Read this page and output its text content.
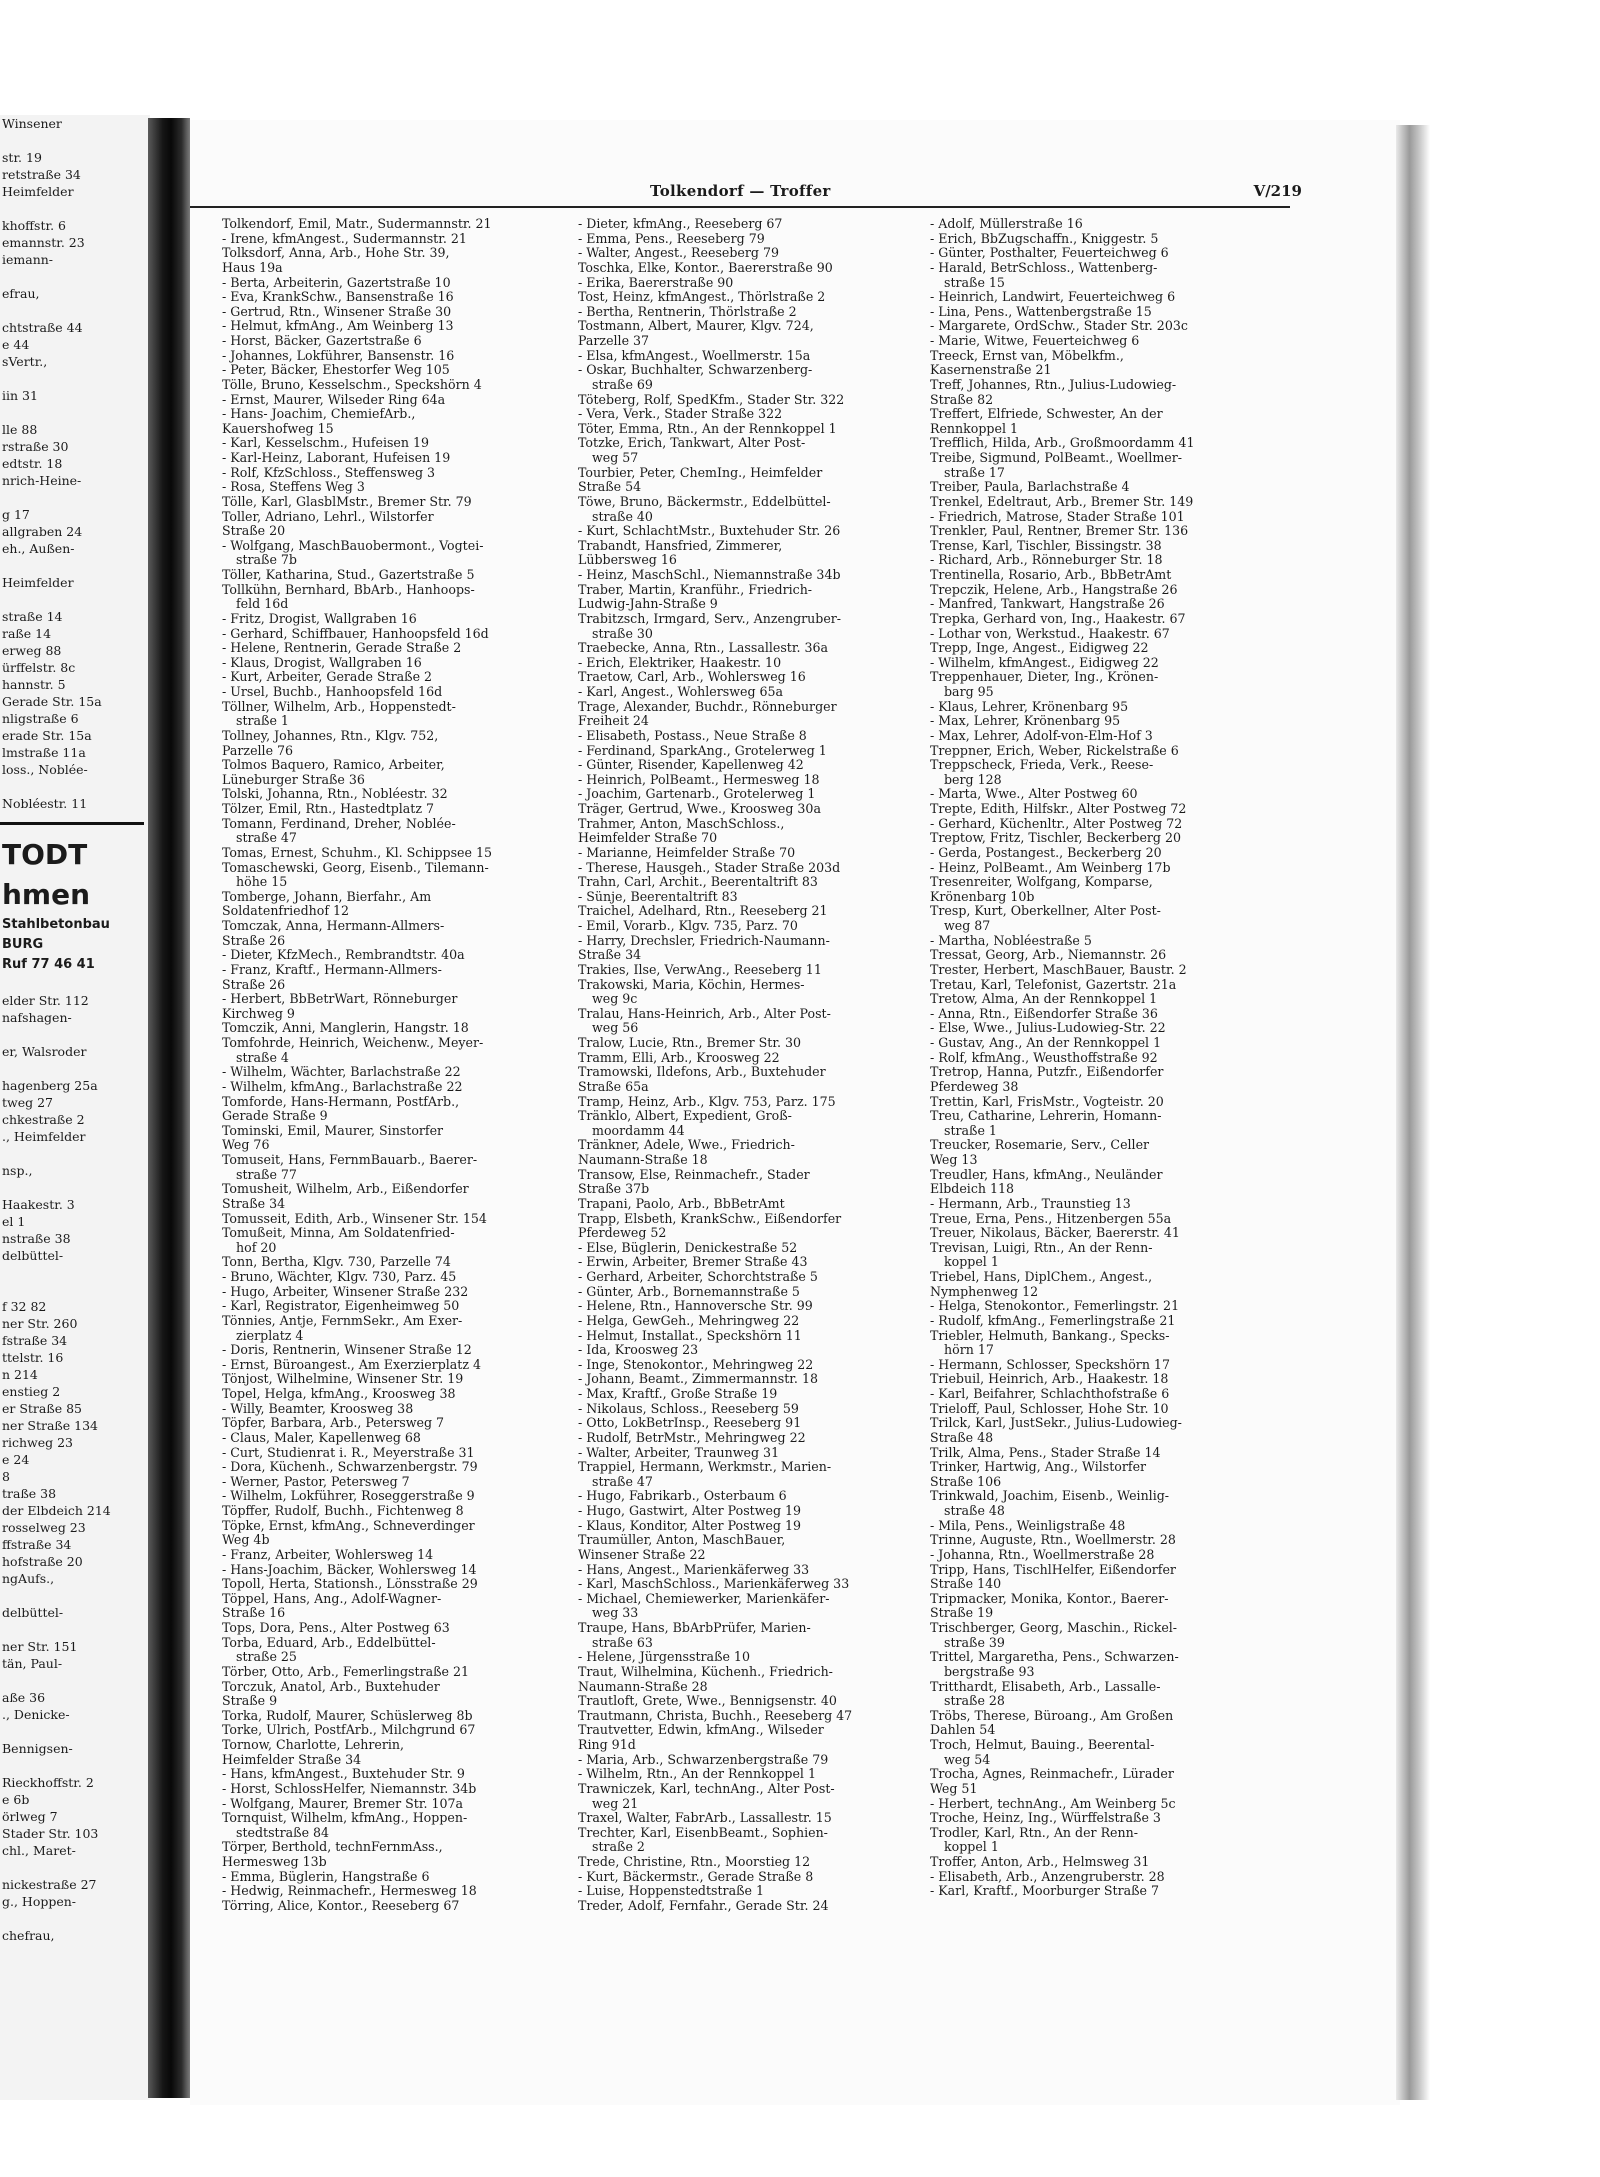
Winsener

str. 19
retstraße 34
Heimfelder

khoffstr. 6
emannstr. 23
iemann-

efrau,

chtstraße 44
e 44
sVertr.,

iin 31

lle 88
rstraße 30
edtstr. 18
nrich-Heine-

g 17
allgraben 24
eh., Außen-

Heimfelder

straße 14
raße 14
erweg 88
ürffelstr. 8c
hannstr. 5
Gerade Str. 15a
nligstraße 6
erade Str. 15a
lmstraße 11a
loss., Noblée-

Nobléestr. 11
TODT
hmen
Stahlbetonbau
BURG
Ruf 77 46 41

elder Str. 112
nafshagen-

er, Walsroder

hagenberg 25a
tweg 27
chkestraße 2
., Heimfelder

nsp.,

Haakestr. 3
el 1
nstraße 38
delbüttel-

f 32 82
ner Str. 260
fstraße 34
ttelstr. 16
n 214
enstieg 2
er Straße 85
ner Straße 134
richweg 23
e 24
8
traße 38
der Elbdeich 214
rosselweg 23
ffstraße 34
hofstraße 20
ngAufs.,

delbüttel-

ner Str. 151
tän, Paul-

aße 36
., Denicke-

Bennigsen-

Rieckhoffstr. 2
e 6b
örlweg 7
Stader Str. 103
chl., Maret-

nickestraße 27
g., Hoppen-

chefrau,
Tolkendorf — Troffer	V/219
Tolkendorf, Emil, Matr., Sudermannstr. 21
- Irene, kfmAngest., Sudermannstr. 21
Tolksdorf, Anna, Arb., Hohe Str. 39,
Haus 19a
- Berta, Arbeiterin, Gazertstraße 10
- Eva, KrankSchw., Bansenstraße 16
- Gertrud, Rtn., Winsener Straße 30
- Helmut, kfmAng., Am Weinberg 13
- Horst, Bäcker, Gazertstraße 6
- Johannes, Lokführer, Bansenstr. 16
- Peter, Bäcker, Ehestorfer Weg 105
Tölle, Bruno, Kesselschm., Speckshörn 4
- Ernst, Maurer, Wilseder Ring 64a
- Hans- Joachim, ChemiefArb.,
Kauershofweg 15
- Karl, Kesselschm., Hufeisen 19
- Karl-Heinz, Laborant, Hufeisen 19
- Rolf, KfzSchloss., Steffensweg 3
- Rosa, Steffens Weg 3
Tölle, Karl, GlasblMstr., Bremer Str. 79
Toller, Adriano, Lehrl., Wilstorfer
Straße 20
- Wolfgang, MaschBauobermont., Vogtei-
straße 7b
Töller, Katharina, Stud., Gazertstraße 5
Tollkühn, Bernhard, BbArb., Hanhoops-
feld 16d
- Fritz, Drogist, Wallgraben 16
- Gerhard, Schiffbauer, Hanhoopsfeld 16d
- Helene, Rentnerin, Gerade Straße 2
- Klaus, Drogist, Wallgraben 16
- Kurt, Arbeiter, Gerade Straße 2
- Ursel, Buchb., Hanhoopsfeld 16d
Töllner, Wilhelm, Arb., Hoppenstedt-
straße 1
Tollney, Johannes, Rtn., Klgv. 752,
Parzelle 76
Tolmos Baquero, Ramico, Arbeiter,
Lüneburger Straße 36
Tolski, Johanna, Rtn., Nobléestr. 32
Tölzer, Emil, Rtn., Hastedtplatz 7
Tomann, Ferdinand, Dreher, Noblée-
straße 47
Tomas, Ernest, Schuhm., Kl. Schippsee 15
Tomaschewski, Georg, Eisenb., Tilemann-
höhe 15
Tomberge, Johann, Bierfahr., Am
Soldatenfriedhof 12
Tomczak, Anna, Hermann-Allmers-
Straße 26
- Dieter, KfzMech., Rembrandtstr. 40a
- Franz, Kraftf., Hermann-Allmers-
Straße 26
- Herbert, BbBetrWart, Rönneburger
Kirchweg 9
Tomczik, Anni, Manglerin, Hangstr. 18
Tomfohrde, Heinrich, Weichenw., Meyer-
straße 4
- Wilhelm, Wächter, Barlachstraße 22
- Wilhelm, kfmAng., Barlachstraße 22
Tomforde, Hans-Hermann, PostfArb.,
Gerade Straße 9
Tominski, Emil, Maurer, Sinstorfer
Weg 76
Tomuseit, Hans, FernmBauarb., Baerer-
straße 77
Tomusheit, Wilhelm, Arb., Eißendorfer
Straße 34
Tomusseit, Edith, Arb., Winsener Str. 154
Tomußeit, Minna, Am Soldatenfried-
hof 20
Tonn, Bertha, Klgv. 730, Parzelle 74
- Bruno, Wächter, Klgv. 730, Parz. 45
- Hugo, Arbeiter, Winsener Straße 232
- Karl, Registrator, Eigenheimweg 50
Tönnies, Antje, FernmSekr., Am Exer-
zierplatz 4
- Doris, Rentnerin, Winsener Straße 12
- Ernst, Büroangest., Am Exerzierplatz 4
Tönjost, Wilhelmine, Winsener Str. 19
Topel, Helga, kfmAng., Kroosweg 38
- Willy, Beamter, Kroosweg 38
Töpfer, Barbara, Arb., Petersweg 7
- Claus, Maler, Kapellenweg 68
- Curt, Studienrat i. R., Meyerstraße 31
- Dora, Küchenh., Schwarzenbergstr. 79
- Werner, Pastor, Petersweg 7
- Wilhelm, Lokführer, Roseggerstraße 9
Töpffer, Rudolf, Buchh., Fichtenweg 8
Töpke, Ernst, kfmAng., Schneverdinger
Weg 4b
- Franz, Arbeiter, Wohlersweg 14
- Hans-Joachim, Bäcker, Wohlersweg 14
Topoll, Herta, Stationsh., Lönsstraße 29
Töppel, Hans, Ang., Adolf-Wagner-
Straße 16
Tops, Dora, Pens., Alter Postweg 63
Torba, Eduard, Arb., Eddelbüttel-
straße 25
Törber, Otto, Arb., Femerlingstraße 21
Torczuk, Anatol, Arb., Buxtehuder
Straße 9
Torka, Rudolf, Maurer, Schüslerweg 8b
Torke, Ulrich, PostfArb., Milchgrund 67
Tornow, Charlotte, Lehrerin,
Heimfelder Straße 34
- Hans, kfmAngest., Buxtehuder Str. 9
- Horst, SchlossHelfer, Niemannstr. 34b
- Wolfgang, Maurer, Bremer Str. 107a
Tornquist, Wilhelm, kfmAng., Hoppen-
stedtstraße 84
Törper, Berthold, technFernmAss.,
Hermesweg 13b
- Emma, Büglerin, Hangstraße 6
- Hedwig, Reinmachefr., Hermesweg 18
Törring, Alice, Kontor., Reeseberg 67
- Dieter, kfmAng., Reeseberg 67
- Emma, Pens., Reeseberg 79
- Walter, Angest., Reeseberg 79
Toschka, Elke, Kontor., Baererstraße 90
- Erika, Baererstraße 90
Tost, Heinz, kfmAngest., Thörlstraße 2
- Bertha, Rentnerin, Thörlstraße 2
Tostmann, Albert, Maurer, Klgv. 724,
Parzelle 37
- Elsa, kfmAngest., Woellmerstr. 15a
- Oskar, Buchhalter, Schwarzenberg-
straße 69
Töteberg, Rolf, SpedKfm., Stader Str. 322
- Vera, Verk., Stader Straße 322
Töter, Emma, Rtn., An der Rennkoppel 1
Totzke, Erich, Tankwart, Alter Post-
weg 57
Tourbier, Peter, ChemIng., Heimfelder
Straße 54
Töwe, Bruno, Bäckermstr., Eddelbüttel-
straße 40
- Kurt, SchlachtMstr., Buxtehuder Str. 26
Trabandt, Hansfried, Zimmerer,
Lübbersweg 16
- Heinz, MaschSchl., Niemannstraße 34b
Traber, Martin, Kranführ., Friedrich-
Ludwig-Jahn-Straße 9
Trabitzsch, Irmgard, Serv., Anzengruber-
straße 30
Traebecke, Anna, Rtn., Lassallestr. 36a
- Erich, Elektriker, Haakestr. 10
Traetow, Carl, Arb., Wohlersweg 16
- Karl, Angest., Wohlersweg 65a
Trage, Alexander, Buchdr., Rönneburger
Freiheit 24
- Elisabeth, Postass., Neue Straße 8
- Ferdinand, SparkAng., Grotelerweg 1
- Günter, Risender, Kapellenweg 42
- Heinrich, PolBeamt., Hermesweg 18
- Joachim, Gartenarb., Grotelerweg 1
Träger, Gertrud, Wwe., Kroosweg 30a
Trahmer, Anton, MaschSchloss.,
Heimfelder Straße 70
- Marianne, Heimfelder Straße 70
- Therese, Hausgeh., Stader Straße 203d
Trahn, Carl, Archit., Beerentaltrift 83
- Sünje, Beerentaltrift 83
Traichel, Adelhard, Rtn., Reeseberg 21
- Emil, Vorarb., Klgv. 735, Parz. 70
- Harry, Drechsler, Friedrich-Naumann-
Straße 34
Trakies, Ilse, VerwAng., Reeseberg 11
Trakowski, Maria, Köchin, Hermes-
weg 9c
Tralau, Hans-Heinrich, Arb., Alter Post-
weg 56
Tralow, Lucie, Rtn., Bremer Str. 30
Tramm, Elli, Arb., Kroosweg 22
Tramowski, Ildefons, Arb., Buxtehuder
Straße 65a
Tramp, Heinz, Arb., Klgv. 753, Parz. 175
Tränklo, Albert, Expedient, Groß-
moordamm 44
Tränkner, Adele, Wwe., Friedrich-
Naumann-Straße 18
Transow, Else, Reinmachefr., Stader
Straße 37b
Trapani, Paolo, Arb., BbBetrAmt
Trapp, Elsbeth, KrankSchw., Eißendorfer
Pferdeweg 52
- Else, Büglerin, Denickestraße 52
- Erwin, Arbeiter, Bremer Straße 43
- Gerhard, Arbeiter, Schorchtstraße 5
- Günter, Arb., Bornemannstraße 5
- Helene, Rtn., Hannoversche Str. 99
- Helga, GewGeh., Mehringweg 22
- Helmut, Installat., Speckshörn 11
- Ida, Kroosweg 23
- Inge, Stenokontor., Mehringweg 22
- Johann, Beamt., Zimmermannstr. 18
- Max, Kraftf., Große Straße 19
- Nikolaus, Schloss., Reeseberg 59
- Otto, LokBetrInsp., Reeseberg 91
- Rudolf, BetrMstr., Mehringweg 22
- Walter, Arbeiter, Traunweg 31
Trappiel, Hermann, Werkmstr., Marien-
straße 47
- Hugo, Fabrikarb., Osterbaum 6
- Hugo, Gastwirt, Alter Postweg 19
- Klaus, Konditor, Alter Postweg 19
Traumüller, Anton, MaschBauer,
Winsener Straße 22
- Hans, Angest., Marienkäferweg 33
- Karl, MaschSchloss., Marienkäferweg 33
- Michael, Chemiewerker, Marienkäfer-
weg 33
Traupe, Hans, BbArbPrüfer, Marien-
straße 63
- Helene, Jürgensstraße 10
Traut, Wilhelmina, Küchenh., Friedrich-
Naumann-Straße 28
Trautloft, Grete, Wwe., Bennigsenstr. 40
Trautmann, Christa, Buchh., Reeseberg 47
Trautvetter, Edwin, kfmAng., Wilseder
Ring 91d
- Maria, Arb., Schwarzenbergstraße 79
- Wilhelm, Rtn., An der Rennkoppel 1
Trawniczek, Karl, technAng., Alter Post-
weg 21
Traxel, Walter, FabrArb., Lassallestr. 15
Trechter, Karl, EisenbBeamt., Sophien-
straße 2
Trede, Christine, Rtn., Moorstieg 12
- Kurt, Bäckermstr., Gerade Straße 8
- Luise, Hoppenstedtstraße 1
Treder, Adolf, Fernfahr., Gerade Str. 24
- Adolf, Müllerstraße 16
- Erich, BbZugschaffn., Kniggestr. 5
- Günter, Posthalter, Feuerteichweg 6
- Harald, BetrSchloss., Wattenberg-
straße 15
- Heinrich, Landwirt, Feuerteichweg 6
- Lina, Pens., Wattenbergstraße 15
- Margarete, OrdSchw., Stader Str. 203c
- Marie, Witwe, Feuerteichweg 6
Treeck, Ernst van, Möbelkfm.,
Kasernenstraße 21
Treff, Johannes, Rtn., Julius-Ludowieg-
Straße 82
Treffert, Elfriede, Schwester, An der
Rennkoppel 1
Trefflich, Hilda, Arb., Großmoordamm 41
Treibe, Sigmund, PolBeamt., Woellmer-
straße 17
Treiber, Paula, Barlachstraße 4
Trenkel, Edeltraut, Arb., Bremer Str. 149
- Friedrich, Matrose, Stader Straße 101
Trenkler, Paul, Rentner, Bremer Str. 136
Trense, Karl, Tischler, Bissingstr. 38
- Richard, Arb., Rönneburger Str. 18
Trentinella, Rosario, Arb., BbBetrAmt
Trepczik, Helene, Arb., Hangstraße 26
- Manfred, Tankwart, Hangstraße 26
Trepka, Gerhard von, Ing., Haakestr. 67
- Lothar von, Werkstud., Haakestr. 67
Trepp, Inge, Angest., Eidigweg 22
- Wilhelm, kfmAngest., Eidigweg 22
Treppenhauer, Dieter, Ing., Krönen-
barg 95
- Klaus, Lehrer, Krönenbarg 95
- Max, Lehrer, Krönenbarg 95
- Max, Lehrer, Adolf-von-Elm-Hof 3
Treppner, Erich, Weber, Rickelstraße 6
Treppscheck, Frieda, Verk., Reese-
berg 128
- Marta, Wwe., Alter Postweg 60
Trepte, Edith, Hilfskr., Alter Postweg 72
- Gerhard, Küchenltr., Alter Postweg 72
Treptow, Fritz, Tischler, Beckerberg 20
- Gerda, Postangest., Beckerberg 20
- Heinz, PolBeamt., Am Weinberg 17b
Tresenreiter, Wolfgang, Komparse,
Krönenbarg 10b
Tresp, Kurt, Oberkellner, Alter Post-
weg 87
- Martha, Nobléestraße 5
Tressat, Georg, Arb., Niemannstr. 26
Trester, Herbert, MaschBauer, Baustr. 2
Tretau, Karl, Telefonist, Gazertstr. 21a
Tretow, Alma, An der Rennkoppel 1
- Anna, Rtn., Eißendorfer Straße 36
- Else, Wwe., Julius-Ludowieg-Str. 22
- Gustav, Ang., An der Rennkoppel 1
- Rolf, kfmAng., Weusthoffstraße 92
Tretrop, Hanna, Putzfr., Eißendorfer
Pferdeweg 38
Trettin, Karl, FrisMstr., Vogteistr. 20
Treu, Catharine, Lehrerin, Homann-
straße 1
Treucker, Rosemarie, Serv., Celler
Weg 13
Treudler, Hans, kfmAng., Neuländer
Elbdeich 118
- Hermann, Arb., Traunstieg 13
Treue, Erna, Pens., Hitzenbergen 55a
Treuer, Nikolaus, Bäcker, Baererstr. 41
Trevisan, Luigi, Rtn., An der Renn-
koppel 1
Triebel, Hans, DiplChem., Angest.,
Nymphenweg 12
- Helga, Stenokontor., Femerlingstr. 21
- Rudolf, kfmAng., Femerlingstraße 21
Triebler, Helmuth, Bankang., Specks-
hörn 17
- Hermann, Schlosser, Speckshörn 17
Triebuil, Heinrich, Arb., Haakestr. 18
- Karl, Beifahrer, Schlachthofstraße 6
Trieloff, Paul, Schlosser, Hohe Str. 10
Trilck, Karl, JustSekr., Julius-Ludowieg-
Straße 48
Trilk, Alma, Pens., Stader Straße 14
Trinker, Hartwig, Ang., Wilstorfer
Straße 106
Trinkwald, Joachim, Eisenb., Weinlig-
straße 48
- Mila, Pens., Weinligstraße 48
Trinne, Auguste, Rtn., Woellmerstr. 28
- Johanna, Rtn., Woellmerstraße 28
Tripp, Hans, TischlHelfer, Eißendorfer
Straße 140
Tripmacker, Monika, Kontor., Baerer-
Straße 19
Trischberger, Georg, Maschin., Rickel-
straße 39
Trittel, Margaretha, Pens., Schwarzen-
bergstraße 93
Tritthardt, Elisabeth, Arb., Lassalle-
straße 28
Tröbs, Therese, Büroang., Am Großen
Dahlen 54
Troch, Helmut, Bauing., Beerental-
weg 54
Trocha, Agnes, Reinmachefr., Lürader
Weg 51
- Herbert, technAng., Am Weinberg 5c
Troche, Heinz, Ing., Würffelstraße 3
Trodler, Karl, Rtn., An der Renn-
koppel 1
Troffer, Anton, Arb., Helmsweg 31
- Elisabeth, Arb., Anzengruberstr. 28
- Karl, Kraftf., Moorburger Straße 7
